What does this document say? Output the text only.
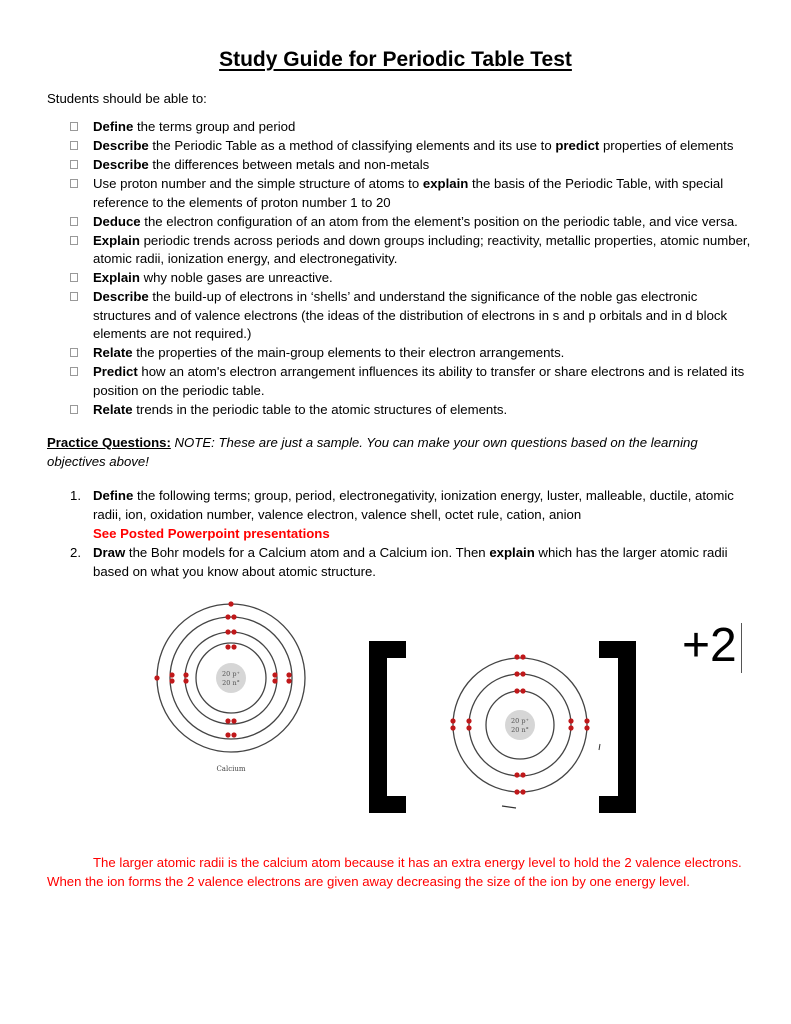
Study Guide for Periodic Table Test
Students should be able to:
Define the terms group and period
Describe the Periodic Table as a method of classifying elements and its use to predict properties of elements
Describe the differences between metals and non-metals
Use proton number and the simple structure of atoms to explain the basis of the Periodic Table, with special reference to the elements of proton number 1 to 20
Deduce the electron configuration of an atom from the element’s position on the periodic table, and vice versa.
Explain periodic trends across periods and down groups including; reactivity, metallic properties, atomic number, atomic radii, ionization energy, and electronegativity.
Explain why noble gases are unreactive.
Describe the build-up of electrons in ‘shells’ and understand the significance of the noble gas electronic structures and of valence electrons (the ideas of the distribution of electrons in s and p orbitals and in d block elements are not required.)
Relate the properties of the main-group elements to their electron arrangements.
Predict how an atom's electron arrangement influences its ability to transfer or share electrons and is related its position on the periodic table.
Relate trends in the periodic table to the atomic structures of elements.
Practice Questions: NOTE: These are just a sample. You can make your own questions based on the learning objectives above!
1. Define the following terms; group, period, electronegativity, ionization energy, luster, malleable, ductile, atomic radii, ion, oxidation number, valence electron, valence shell, octet rule, cation, anion
See Posted Powerpoint presentations
2. Draw the Bohr models for a Calcium atom and a Calcium ion. Then explain which has the larger atomic radii based on what you know about atomic structure.
20 p⁺
20 n°
Calcium
20 p⁺
20 n°
+2
The larger atomic radii is the calcium atom because it has an extra energy level to hold the 2 valence electrons.
When the ion forms the 2 valence electrons are given away decreasing the size of the ion by one energy level.
